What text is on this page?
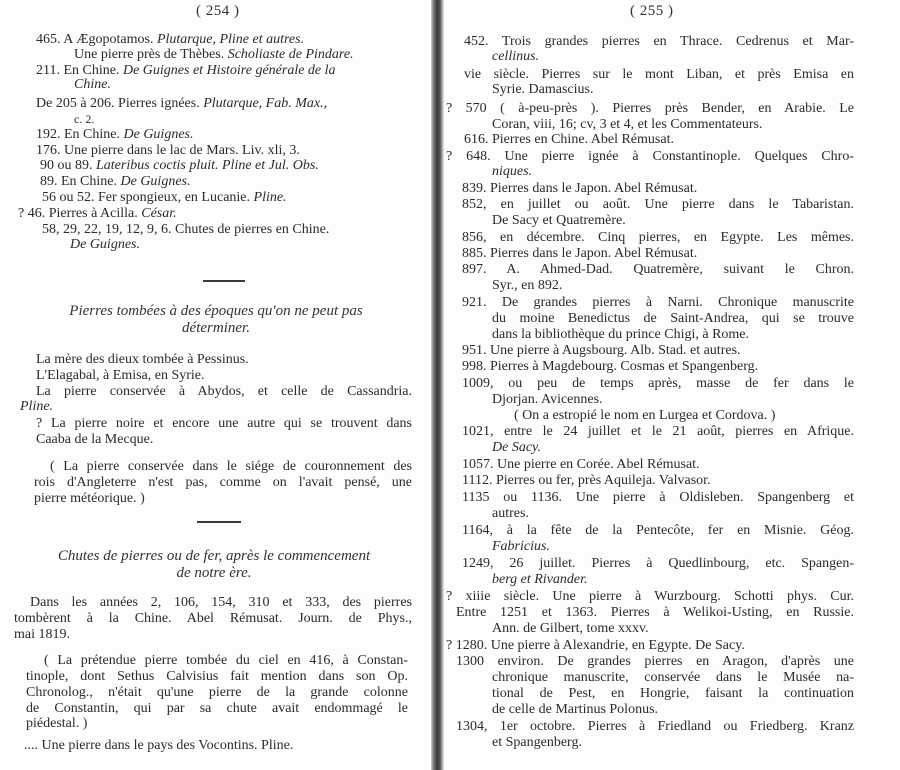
( 254 )
465. A Ægopotamos. Plutarque, Pline et autres.
Une pierre près de Thèbes. Scholiaste de Pindare.
211. En Chine. De Guignes et Histoire générale de la
Chine.
De 205 à 206. Pierres ignées. Plutarque, Fab. Max.,
c. 2.
192. En Chine. De Guignes.
176. Une pierre dans le lac de Mars. Liv. xli, 3.
90 ou 89. Lateribus coctis pluit. Pline et Jul. Obs.
89. En Chine. De Guignes.
56 ou 52. Fer spongieux, en Lucanie. Pline.
? 46. Pierres à Acilla. César.
58, 29, 22, 19, 12, 9, 6. Chutes de pierres en Chine.
De Guignes.
Pierres tombées à des époques qu'on ne peut pas
déterminer.
La mère des dieux tombée à Pessinus.
L'Elagabal, à Emisa, en Syrie.
La pierre conservée à Abydos, et celle de Cassandria.
Pline.
? La pierre noire et encore une autre qui se trouvent dans
Caaba de la Mecque.
( La pierre conservée dans le siége de couronnement des
rois d'Angleterre n'est pas, comme on l'avait pensé, une
pierre météorique. )
Chutes de pierres ou de fer, après le commencement
de notre ère.
Dans les années 2, 106, 154, 310 et 333, des pierres
tombèrent à la Chine. Abel Rémusat. Journ. de Phys.,
mai 1819.
( La prétendue pierre tombée du ciel en 416, à Constan-
tinople, dont Sethus Calvisius fait mention dans son Op.
Chronolog., n'était qu'une pierre de la grande colonne
de Constantin, qui par sa chute avait endommagé le
piédestal. )
.... Une pierre dans le pays des Vocontins. Pline.
( 255 )
452. Trois grandes pierres en Thrace. Cedrenus et Mar-
cellinus.
vie siècle. Pierres sur le mont Liban, et près Emisa en
Syrie. Damascius.
? 570 ( à-peu-près ). Pierres près Bender, en Arabie. Le
Coran, viii, 16; cv, 3 et 4, et les Commentateurs.
616. Pierres en Chine. Abel Rémusat.
? 648. Une pierre ignée à Constantinople. Quelques Chro-
niques.
839. Pierres dans le Japon. Abel Rémusat.
852, en juillet ou août. Une pierre dans le Tabaristan.
De Sacy et Quatremère.
856, en décembre. Cinq pierres, en Egypte. Les mêmes.
885. Pierres dans le Japon. Abel Rémusat.
897. A. Ahmed-Dad. Quatremère, suivant le Chron.
Syr., en 892.
921. De grandes pierres à Narni. Chronique manuscrite
du moine Benedictus de Saint-Andrea, qui se trouve
dans la bibliothèque du prince Chigi, à Rome.
951. Une pierre à Augsbourg. Alb. Stad. et autres.
998. Pierres à Magdebourg. Cosmas et Spangenberg.
1009, ou peu de temps après, masse de fer dans le
Djorjan. Avicennes.
( On a estropié le nom en Lurgea et Cordova. )
1021, entre le 24 juillet et le 21 août, pierres en Afrique.
De Sacy.
1057. Une pierre en Corée. Abel Rémusat.
1112. Pierres ou fer, près Aquileja. Valvasor.
1135 ou 1136. Une pierre à Oldisleben. Spangenberg et
autres.
1164, à la fête de la Pentecôte, fer en Misnie. Géog.
Fabricius.
1249, 26 juillet. Pierres à Quedlinbourg, etc. Spangen-
berg et Rivander.
? xiiie siècle. Une pierre à Wurzbourg. Schotti phys. Cur.
Entre 1251 et 1363. Pierres à Welikoi-Usting, en Russie.
Ann. de Gilbert, tome xxxv.
? 1280. Une pierre à Alexandrie, en Egypte. De Sacy.
1300 environ. De grandes pierres en Aragon, d'après une
chronique manuscrite, conservée dans le Musée na-
tional de Pest, en Hongrie, faisant la continuation
de celle de Martinus Polonus.
1304, 1er octobre. Pierres à Friedland ou Friedberg. Kranz
et Spangenberg.
